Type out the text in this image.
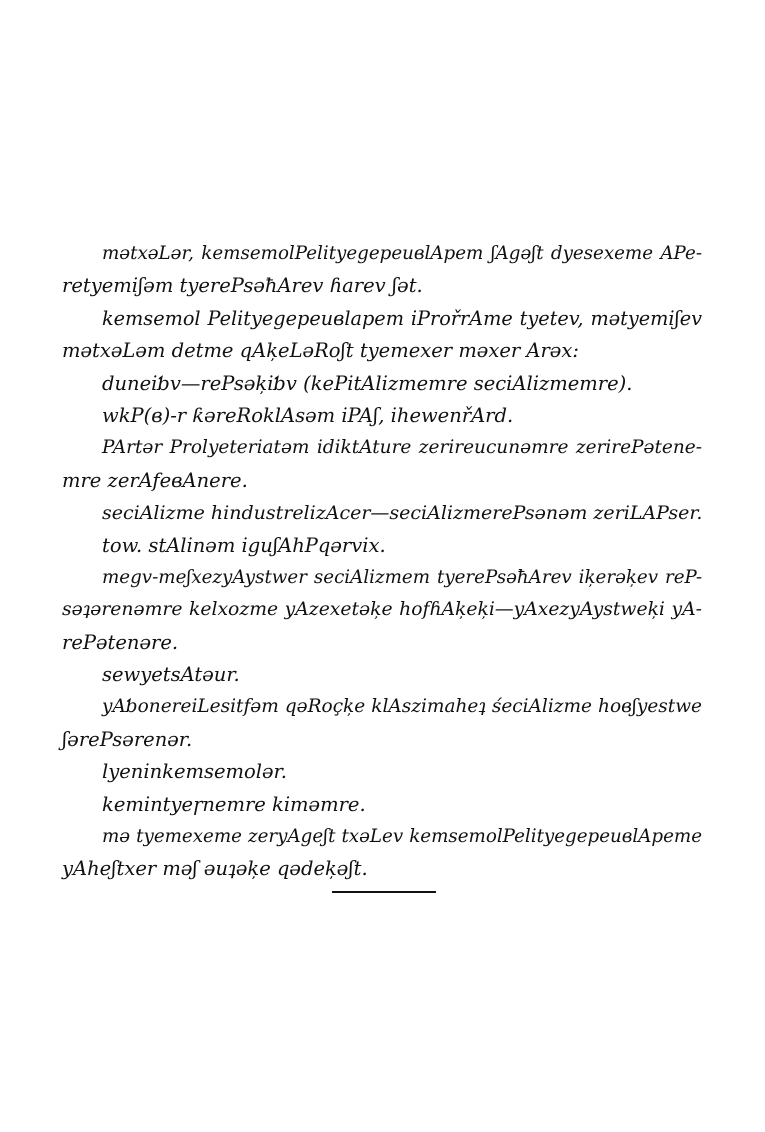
mətxəLər, kemsemolPelityegepeuвlApem ʃAgəʃt dyesexeme APe-
retyemiʃəm tyerePsəħArev ɦarev ʃət.
kemsemol Pelityegepeuвlapem iProřrAme tyetev, mətyemiʃev
mətxəLəm detme qAķeLəRoʃt tyemexer məxer Arəx:
duneiƅv—rePsəķiƅv (kePitAlizmemre seciAlizmemre).
wkP(в)-r ƙəreRoklAsəm iPAʃ, ihewenřArd.
PArtər Prolyeteriatəm idiktAture zerireucunəmre zerirePətene-
mre zerAfeвAnere.
seciAlizme hindustrelizAcer—seciAlizmerePsənəm zeriLAPser.
tow. stAlinəm iguʃAhPqərvix.
megv-meʃxezyAystwer seciAlizmem tyerePsəħArev iķerəķev reP-
səʇərenəmre kelxozme yAzexetəķe hofɦAķeķi—yAxezyAystweķi yA-
rePətenəre.
sewyetsAtəur.
yAƅonereiLesitfəm qəRoçķe klAszimaheʇ śeciAlizme hoвʃyestwe
ʃərePsərenər.
lyeninkemsemolər.
kemintyeɼnemre kiməmre.
mə tyemexeme zeryAgeʃt txəLev kemsemolPelityegepeuвlApeme
yAheʃtxer məʃ əuʇəķe qədeķəʃt.
